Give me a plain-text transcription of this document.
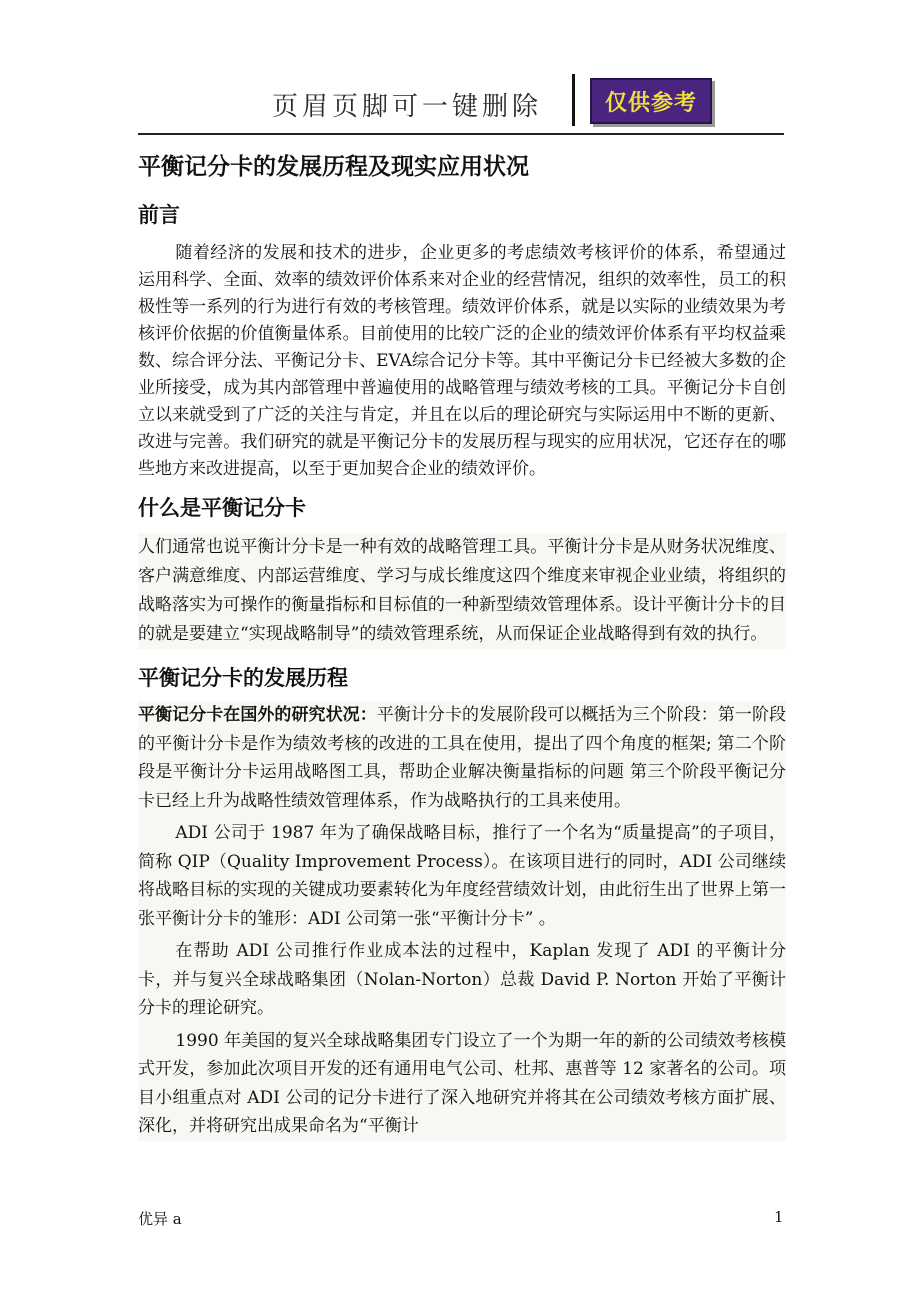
页眉页脚可一键删除	仅供参考
平衡记分卡的发展历程及现实应用状况
前言

随着经济的发展和技术的进步，企业更多的考虑绩效考核评价的体系，希望通过运用科学、全面、效率的绩效评价体系来对企业的经营情况，组织的效率性，员工的积极性等一系列的行为进行有效的考核管理。绩效评价体系，就是以实际的业绩效果为考核评价依据的价值衡量体系。目前使用的比较广泛的企业的绩效评价体系有平均权益乘数、综合评分法、平衡记分卡、EVA综合记分卡等。其中平衡记分卡已经被大多数的企业所接受，成为其内部管理中普遍使用的战略管理与绩效考核的工具。平衡记分卡自创立以来就受到了广泛的关注与肯定，并且在以后的理论研究与实际运用中不断的更新、改进与完善。我们研究的就是平衡记分卡的发展历程与现实的应用状况，它还存在的哪些地方来改进提高，以至于更加契合企业的绩效评价。

什么是平衡记分卡

人们通常也说平衡计分卡是一种有效的战略管理工具。平衡计分卡是从财务状况维度、客户满意维度、内部运营维度、学习与成长维度这四个维度来审视企业业绩，将组织的战略落实为可操作的衡量指标和目标值的一种新型绩效管理体系。设计平衡计分卡的目的就是要建立“实现战略制导”的绩效管理系统，从而保证企业战略得到有效的执行。

平衡记分卡的发展历程

平衡记分卡在国外的研究状况：平衡计分卡的发展阶段可以概括为三个阶段：第一阶段的平衡计分卡是作为绩效考核的改进的工具在使用，提出了四个角度的框架; 第二个阶段是平衡计分卡运用战略图工具，帮助企业解决衡量指标的问题 第三个阶段平衡记分卡已经上升为战略性绩效管理体系，作为战略执行的工具来使用。

ADI 公司于 1987 年为了确保战略目标，推行了一个名为“质量提高”的子项目，简称 QIP（Quality Improvement Process）。在该项目进行的同时，ADI 公司继续将战略目标的实现的关键成功要素转化为年度经营绩效计划，由此衍生出了世界上第一张平衡计分卡的雏形：ADI 公司第一张“平衡计分卡” 。

在帮助 ADI 公司推行作业成本法的过程中，Kaplan 发现了 ADI 的平衡计分卡，并与复兴全球战略集团（Nolan-Norton）总裁 David P. Norton 开始了平衡计分卡的理论研究。

1990 年美国的复兴全球战略集团专门设立了一个为期一年的新的公司绩效考核模式开发，参加此次项目开发的还有通用电气公司、杜邦、惠普等 12 家著名的公司。项目小组重点对 ADI 公司的记分卡进行了深入地研究并将其在公司绩效考核方面扩展、深化，并将研究出成果命名为“平衡计

优异 a	1
